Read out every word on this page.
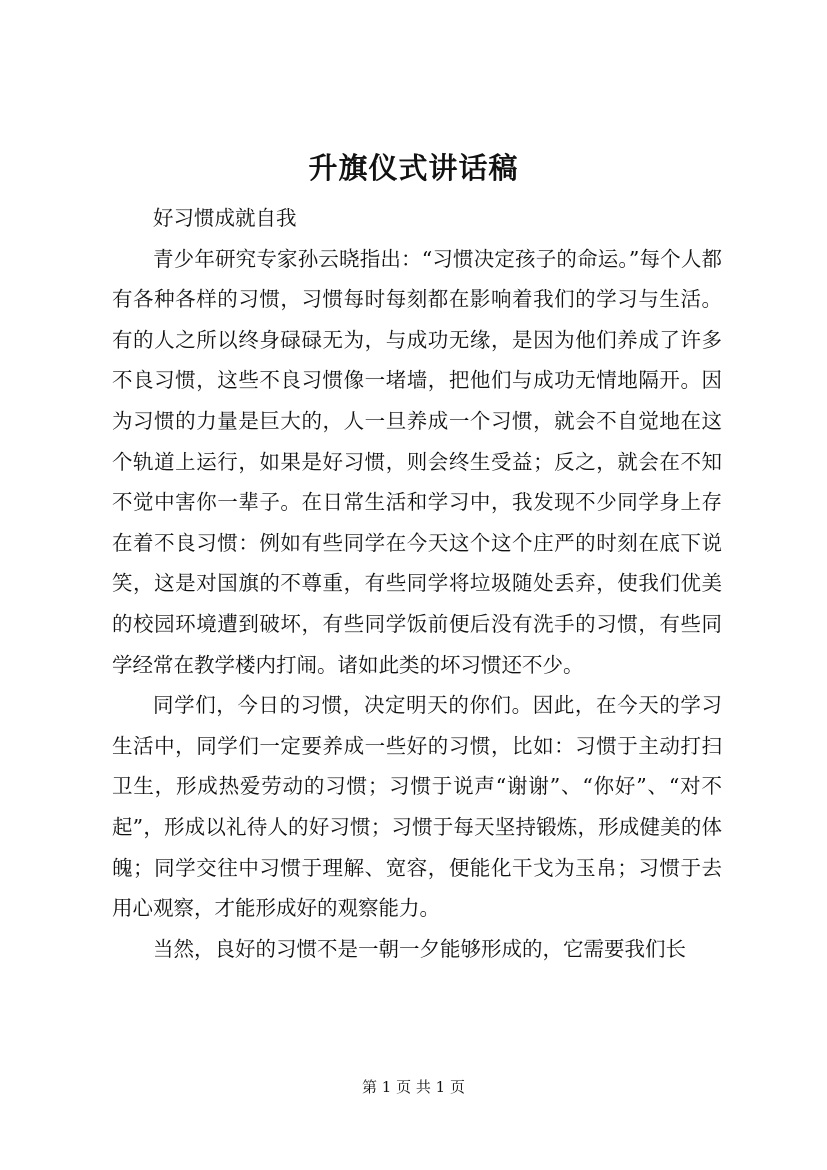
升旗仪式讲话稿

好习惯成就自我

青少年研究专家孙云晓指出：“习惯决定孩子的命运。”每个人都有各种各样的习惯，习惯每时每刻都在影响着我们的学习与生活。有的人之所以终身碌碌无为，与成功无缘，是因为他们养成了许多不良习惯，这些不良习惯像一堵墙，把他们与成功无情地隔开。因为习惯的力量是巨大的，人一旦养成一个习惯，就会不自觉地在这个轨道上运行，如果是好习惯，则会终生受益；反之，就会在不知不觉中害你一辈子。在日常生活和学习中，我发现不少同学身上存在着不良习惯：例如有些同学在今天这个这个庄严的时刻在底下说笑，这是对国旗的不尊重，有些同学将垃圾随处丢弃，使我们优美的校园环境遭到破坏，有些同学饭前便后没有洗手的习惯，有些同学经常在教学楼内打闹。诸如此类的坏习惯还不少。

同学们，今日的习惯，决定明天的你们。因此，在今天的学习生活中，同学们一定要养成一些好的习惯，比如：习惯于主动打扫卫生，形成热爱劳动的习惯；习惯于说声“谢谢”、“你好”、“对不起”，形成以礼待人的好习惯；习惯于每天坚持锻炼，形成健美的体魄；同学交往中习惯于理解、宽容，便能化干戈为玉帛；习惯于去用心观察，才能形成好的观察能力。

当然，良好的习惯不是一朝一夕能够形成的，它需要我们长

第 1 页 共 1 页
